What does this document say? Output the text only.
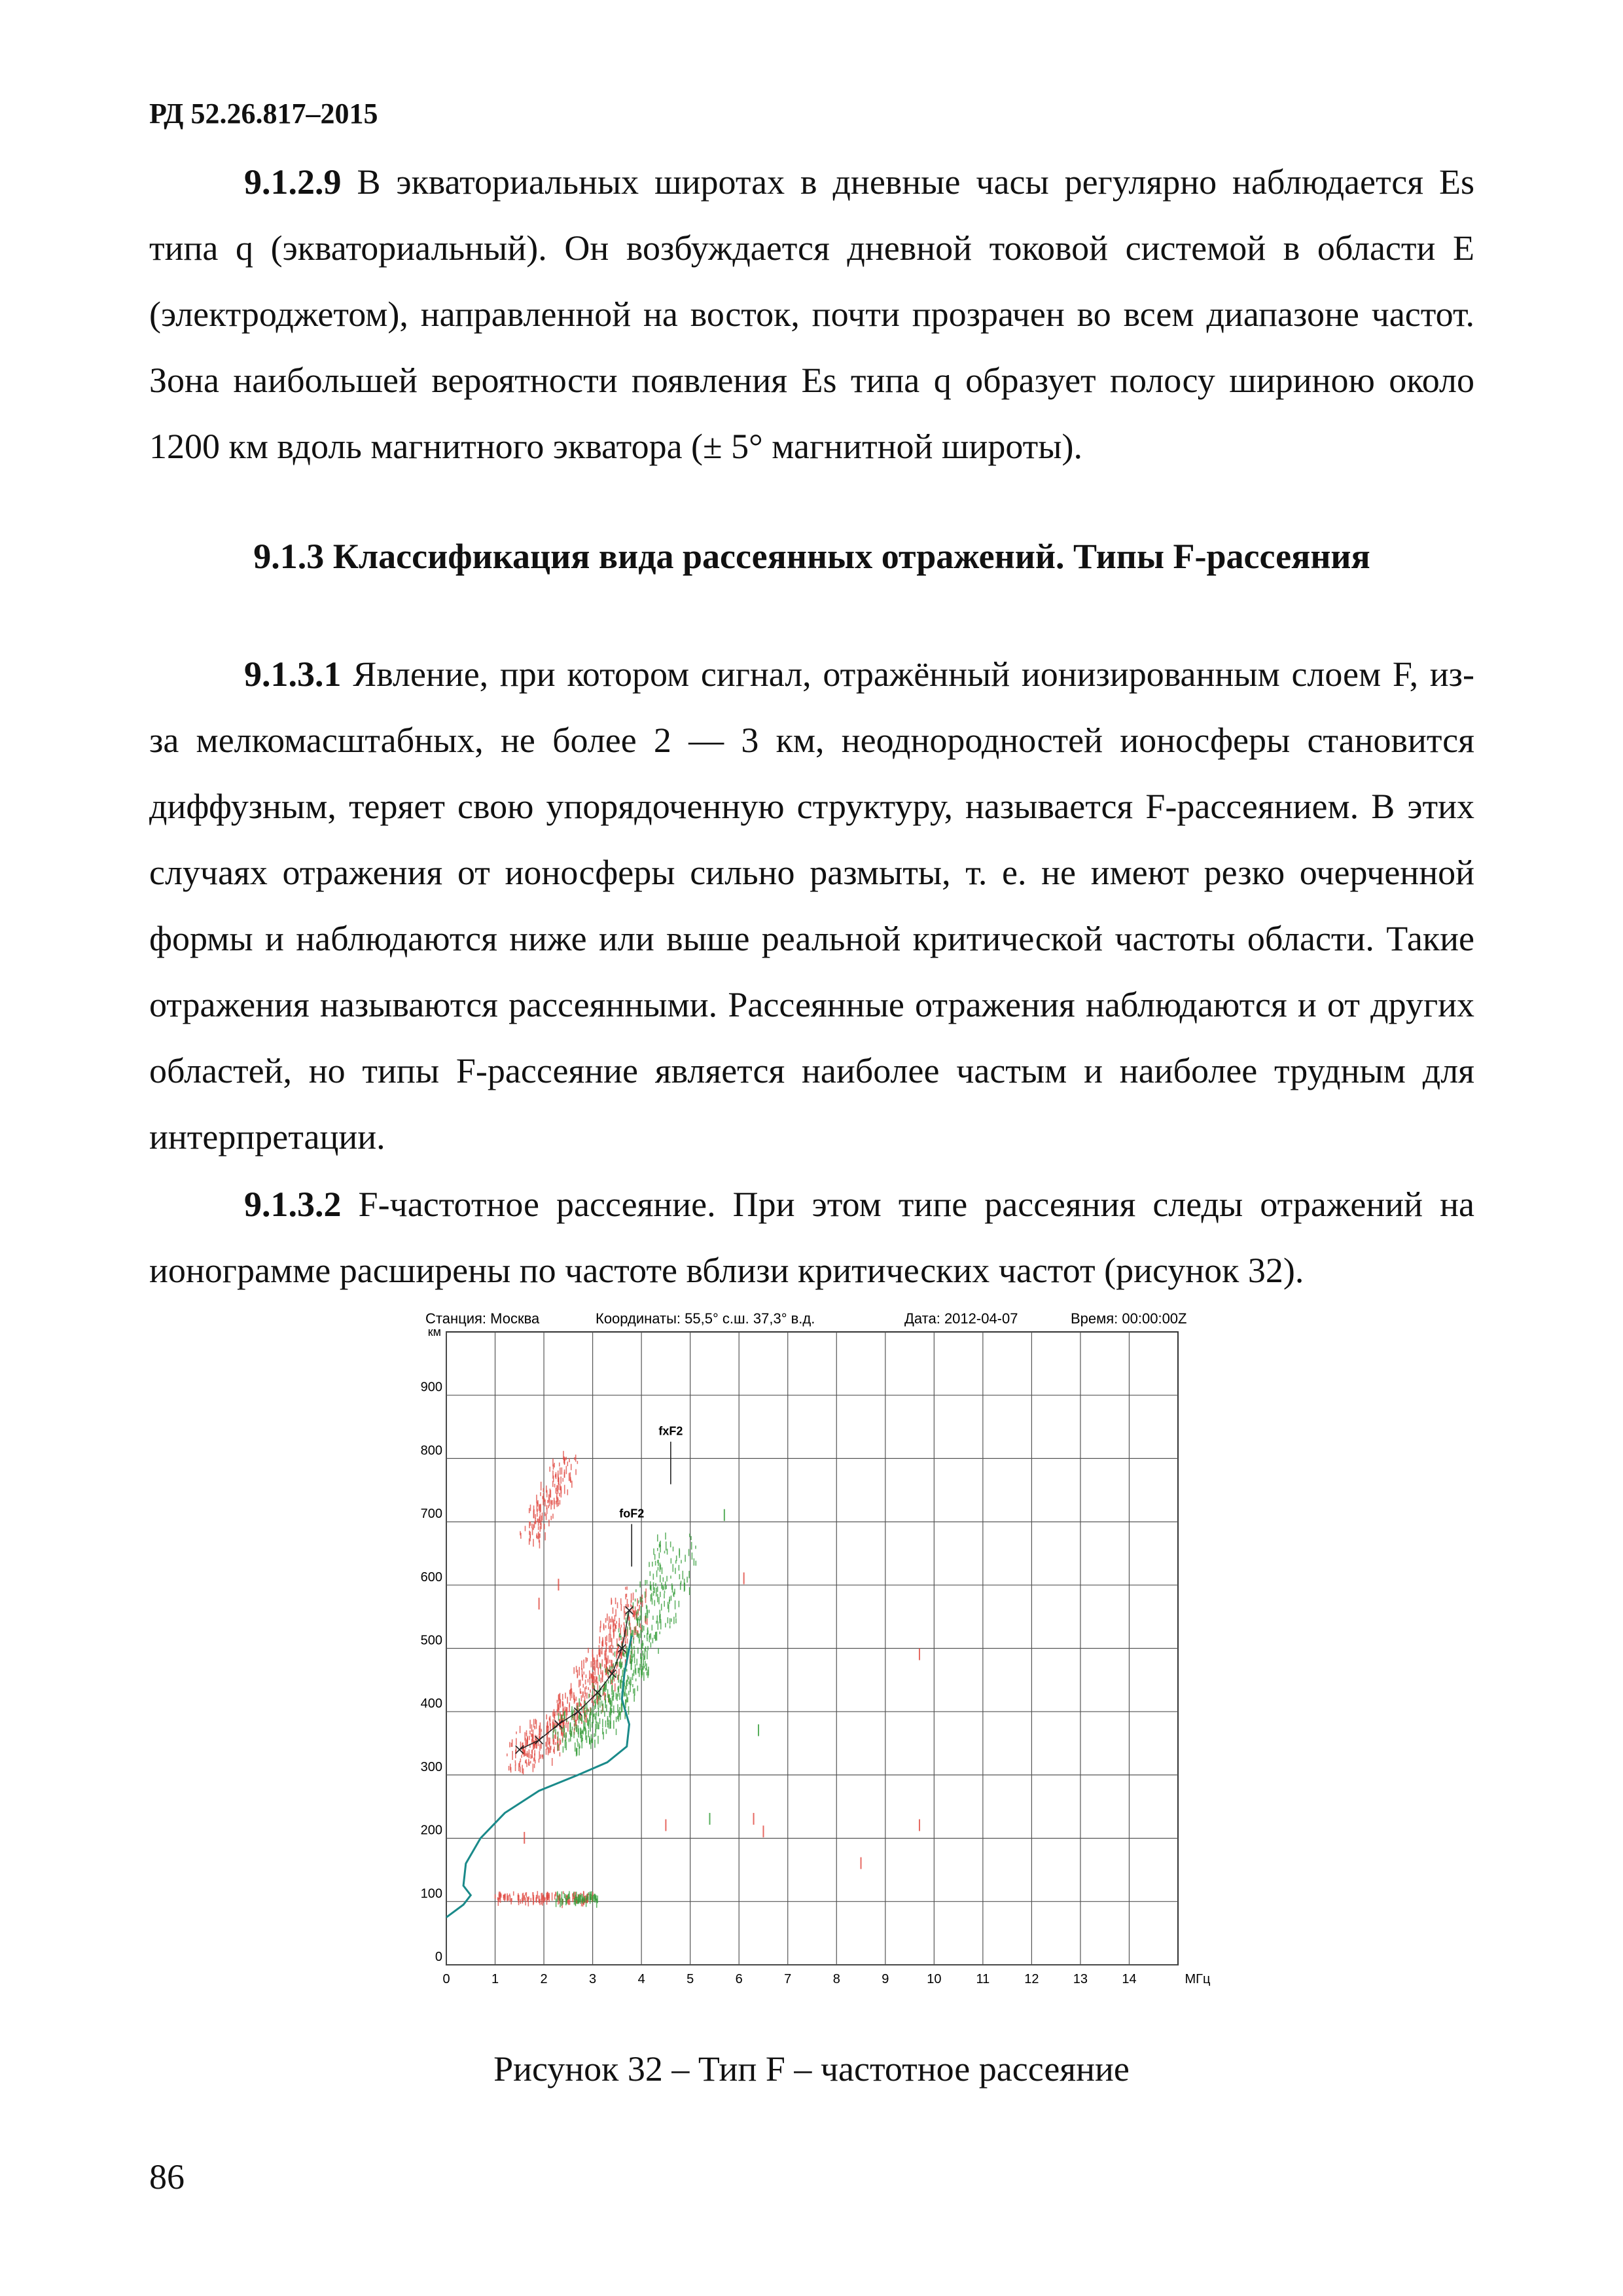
РД 52.26.817–2015

9.1.2.9 В экваториальных широтах в дневные часы регулярно наблюдается Es типа q (экваториальный). Он возбуждается дневной токовой системой в области E (электроджетом), направленной на восток, почти прозрачен во всем диапазоне частот. Зона наибольшей вероятности появления Es типа q образует полосу шириною около 1200 км вдоль магнитного экватора (± 5° магнитной широты).

9.1.3 Классификация вида рассеянных отражений. Типы F-рассеяния

9.1.3.1 Явление, при котором сигнал, отражённый ионизированным слоем F, из-за мелкомасштабных, не более 2 — 3 км, неоднородностей ионосферы становится диффузным, теряет свою упорядоченную структуру, называется F-рассеянием. В этих случаях отражения от ионосферы сильно размыты, т. е. не имеют резко очерченной формы и наблюдаются ниже или выше реальной критической частоты области. Такие отражения называются рассеянными. Рассеянные отражения наблюдаются и от других областей, но типы F-рассеяние является наиболее частым и наиболее трудным для интерпретации.

9.1.3.2 F-частотное рассеяние. При этом типе рассеяния следы отражений на ионограмме расширены по частоте вблизи критических частот (рисунок 32).

Станция: Москва	Координаты: 55,5° с.ш. 37,3° в.д.	Дата: 2012-04-07	Время: 00:00:00Z
foF2
fxF2
0	1	2	3	4	5	6	7	8	9	10	11	12	13	14
0
100
200
300
400
500
600
700
800
900
км
МГц
Рисунок 32 – Тип F – частотное рассеяние
86
